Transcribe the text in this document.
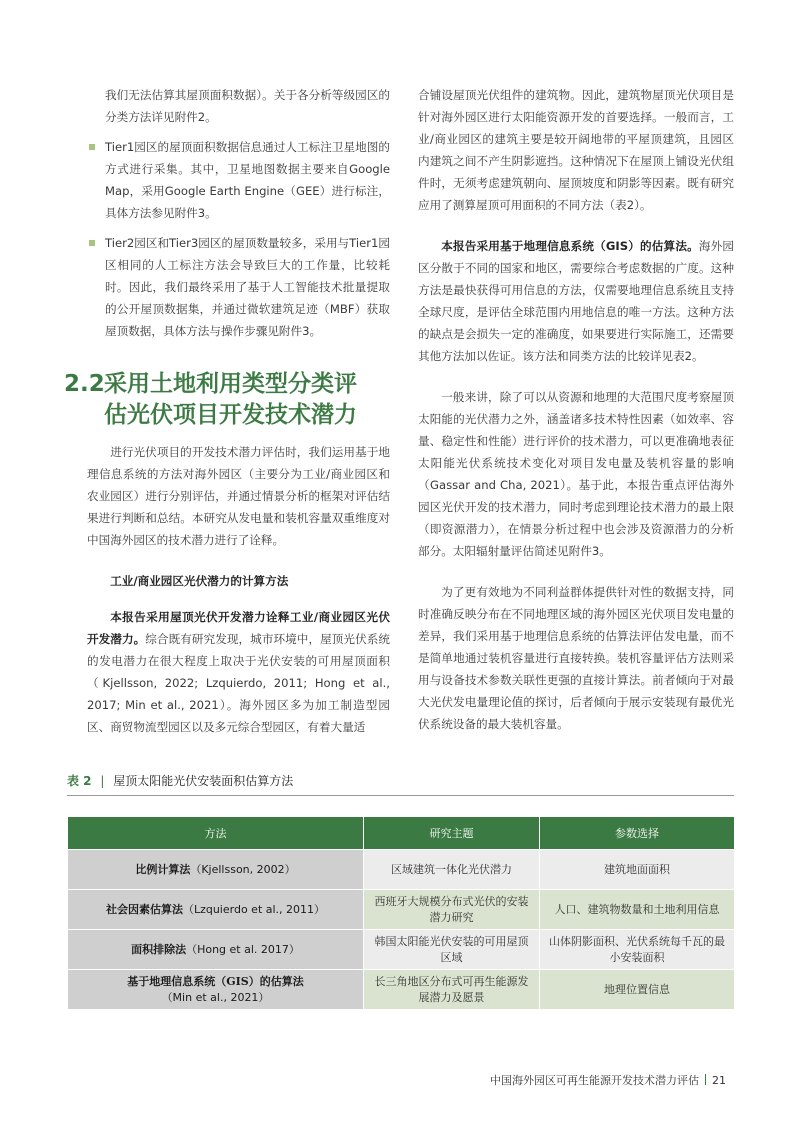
我们无法估算其屋顶面积数据）。关于各分析等级园区的分类方法详见附件2。

Tier1园区的屋顶面积数据信息通过人工标注卫星地图的方式进行采集。其中，卫星地图数据主要来自Google Map，采用Google Earth Engine（GEE）进行标注，具体方法参见附件3。

Tier2园区和Tier3园区的屋顶数量较多，采用与Tier1园区相同的人工标注方法会导致巨大的工作量，比较耗时。因此，我们最终采用了基于人工智能技术批量提取的公开屋顶数据集，并通过微软建筑足迹（MBF）获取屋顶数据，具体方法与操作步骤见附件3。

2.2采用土地利用类型分类评
估光伏项目开发技术潜力

进行光伏项目的开发技术潜力评估时，我们运用基于地理信息系统的方法对海外园区（主要分为工业/商业园区和农业园区）进行分别评估，并通过情景分析的框架对评估结果进行判断和总结。本研究从发电量和装机容量双重维度对中国海外园区的技术潜力进行了诠释。

工业/商业园区光伏潜力的计算方法

本报告采用屋顶光伏开发潜力诠释工业/商业园区光伏开发潜力。综合既有研究发现，城市环境中，屋顶光伏系统的发电潜力在很大程度上取决于光伏安装的可用屋顶面积（Kjellsson, 2022; Lzquierdo, 2011; Hong et al., 2017; Min et al., 2021）。海外园区多为加工制造型园区、商贸物流型园区以及多元综合型园区，有着大量适

合铺设屋顶光伏组件的建筑物。因此，建筑物屋顶光伏项目是针对海外园区进行太阳能资源开发的首要选择。一般而言，工业/商业园区的建筑主要是较开阔地带的平屋顶建筑，且园区内建筑之间不产生阴影遮挡。这种情况下在屋顶上铺设光伏组件时，无须考虑建筑朝向、屋顶坡度和阴影等因素。既有研究应用了测算屋顶可用面积的不同方法（表2）。

本报告采用基于地理信息系统（GIS）的估算法。海外园区分散于不同的国家和地区，需要综合考虑数据的广度。这种方法是最快获得可用信息的方法，仅需要地理信息系统且支持全球尺度，是评估全球范围内用地信息的唯一方法。这种方法的缺点是会损失一定的准确度，如果要进行实际施工，还需要其他方法加以佐证。该方法和同类方法的比较详见表2。

一般来讲，除了可以从资源和地理的大范围尺度考察屋顶太阳能的光伏潜力之外，涵盖诸多技术特性因素（如效率、容量、稳定性和性能）进行评价的技术潜力，可以更准确地表征太阳能光伏系统技术变化对项目发电量及装机容量的影响（Gassar and Cha, 2021）。基于此，本报告重点评估海外园区光伏开发的技术潜力，同时考虑到理论技术潜力的最上限（即资源潜力），在情景分析过程中也会涉及资源潜力的分析部分。太阳辐射量评估简述见附件3。

为了更有效地为不同利益群体提供针对性的数据支持，同时准确反映分布在不同地理区域的海外园区光伏项目发电量的差异，我们采用基于地理信息系统的估算法评估发电量，而不是简单地通过装机容量进行直接转换。装机容量评估方法则采用与设备技术参数关联性更强的直接计算法。前者倾向于对最大光伏发电量理论值的探讨，后者倾向于展示安装现有最优光伏系统设备的最大装机容量。

表 2 | 屋顶太阳能光伏安装面积估算方法
方法	研究主题	参数选择
比例计算法（Kjellsson, 2002）	区域建筑一体化光伏潜力	建筑地面面积
社会因素估算法（Lzquierdo et al., 2011）	西班牙大规模分布式光伏的安装潜力研究	人口、建筑物数量和土地利用信息
面积排除法（Hong et al. 2017）	韩国太阳能光伏安装的可用屋顶区域	山体阴影面积、光伏系统每千瓦的最小安装面积
基于地理信息系统（GIS）的估算法（Min et al., 2021）	长三角地区分布式可再生能源发展潜力及愿景	地理位置信息
中国海外园区可再生能源开发技术潜力评估 21
